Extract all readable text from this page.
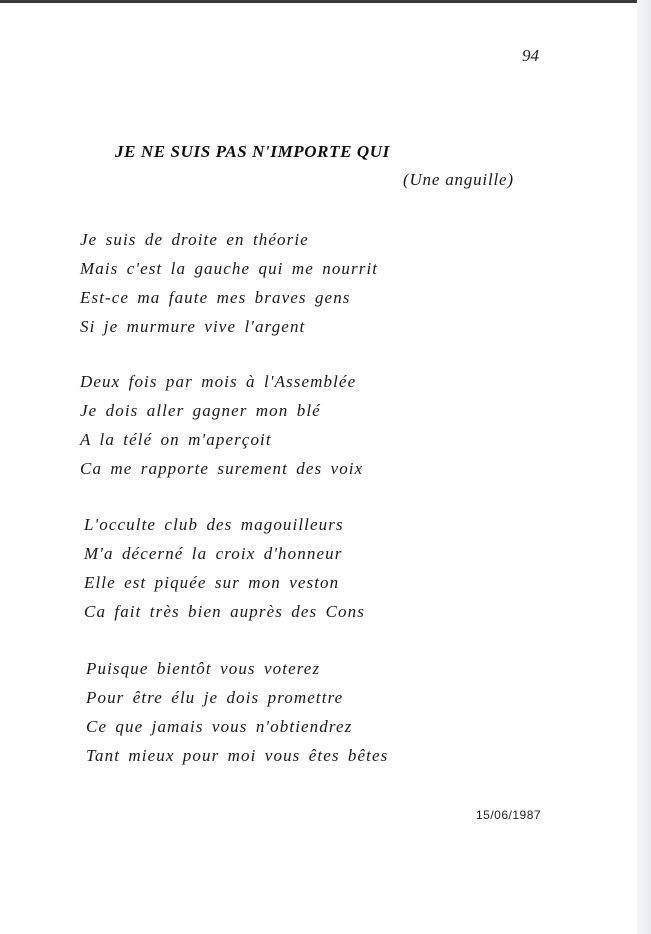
94
JE NE SUIS PAS N'IMPORTE QUI
(Une anguille)
Je suis de droite en théorie
Mais c'est la gauche qui me nourrit
Est-ce ma faute mes braves gens
Si je murmure vive l'argent
Deux fois par mois à l'Assemblée
Je dois aller gagner mon blé
A la télé on m'aperçoit
Ca me rapporte surement des voix
L'occulte club des magouilleurs
M'a décerné la croix d'honneur
Elle est piquée sur mon veston
Ca fait très bien auprès des Cons
Puisque bientôt vous voterez
Pour être élu je dois promettre
Ce que jamais vous n'obtiendrez
Tant mieux pour moi vous êtes bêtes
15/06/1987
